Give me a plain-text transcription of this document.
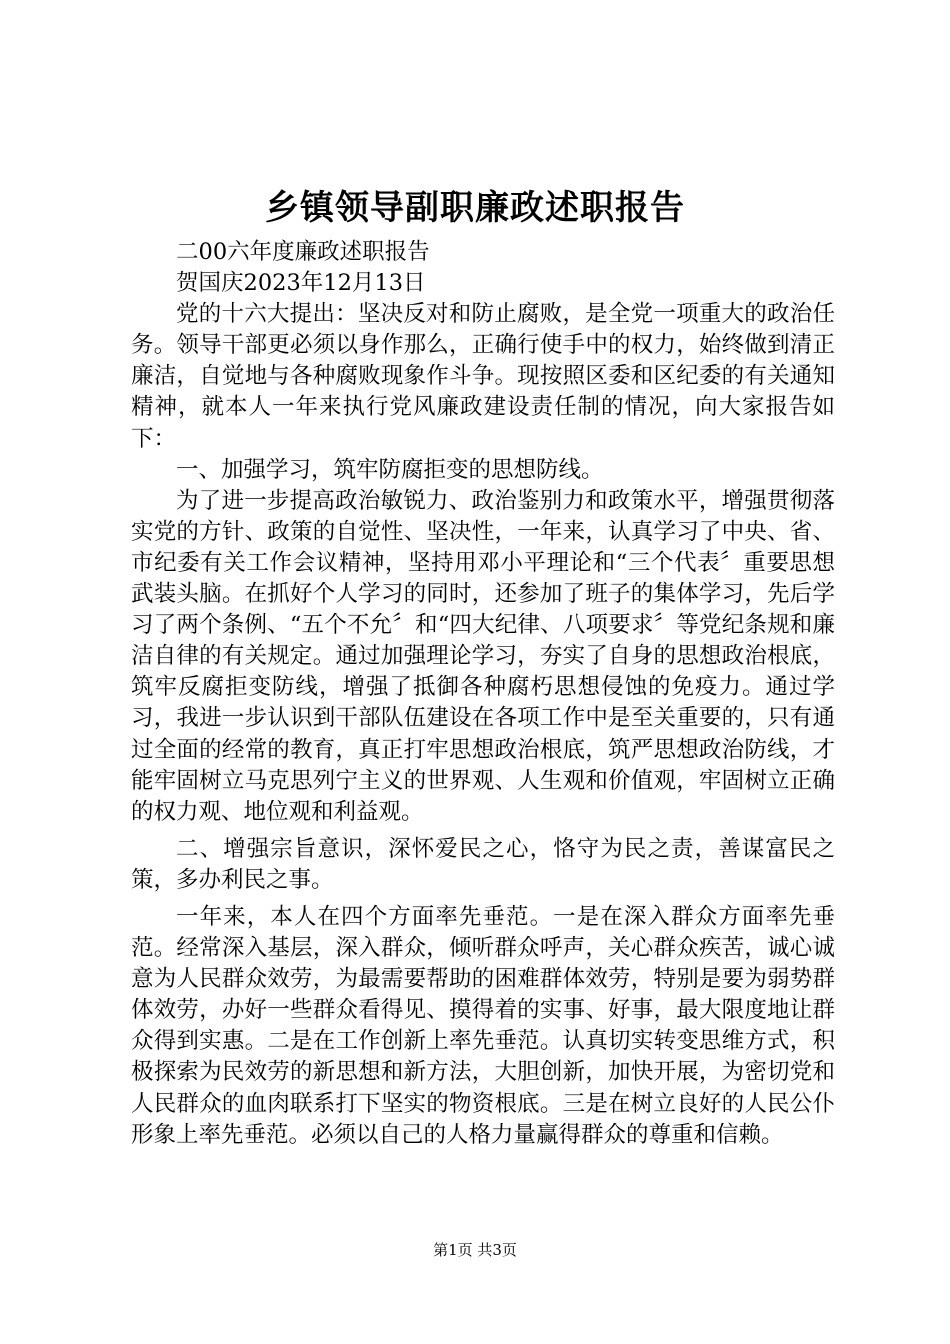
乡镇领导副职廉政述职报告

二00六年度廉政述职报告

贺国庆2023年12月13日

党的十六大提出：坚决反对和防止腐败，是全党一项重大的政治任务。领导干部更必须以身作那么，正确行使手中的权力，始终做到清正廉洁，自觉地与各种腐败现象作斗争。现按照区委和区纪委的有关通知精神，就本人一年来执行党风廉政建设责任制的情况，向大家报告如下：

一、加强学习，筑牢防腐拒变的思想防线。

为了进一步提高政治敏锐力、政治鉴别力和政策水平，增强贯彻落实党的方针、政策的自觉性、坚决性，一年来，认真学习了中央、省、市纪委有关工作会议精神，坚持用邓小平理论和“三个代表〞重要思想武装头脑。在抓好个人学习的同时，还参加了班子的集体学习，先后学习了两个条例、“五个不允〞和“四大纪律、八项要求〞等党纪条规和廉洁自律的有关规定。通过加强理论学习，夯实了自身的思想政治根底，筑牢反腐拒变防线，增强了抵御各种腐朽思想侵蚀的免疫力。通过学习，我进一步认识到干部队伍建设在各项工作中是至关重要的，只有通过全面的经常的教育，真正打牢思想政治根底，筑严思想政治防线，才能牢固树立马克思列宁主义的世界观、人生观和价值观，牢固树立正确的权力观、地位观和利益观。

二、增强宗旨意识，深怀爱民之心，恪守为民之责，善谋富民之策，多办利民之事。

一年来，本人在四个方面率先垂范。一是在深入群众方面率先垂范。经常深入基层，深入群众，倾听群众呼声，关心群众疾苦，诚心诚意为人民群众效劳，为最需要帮助的困难群体效劳，特别是要为弱势群体效劳，办好一些群众看得见、摸得着的实事、好事，最大限度地让群众得到实惠。二是在工作创新上率先垂范。认真切实转变思维方式，积极探索为民效劳的新思想和新方法，大胆创新，加快开展，为密切党和人民群众的血肉联系打下坚实的物资根底。三是在树立良好的人民公仆形象上率先垂范。必须以自己的人格力量赢得群众的尊重和信赖。

第1页 共3页
